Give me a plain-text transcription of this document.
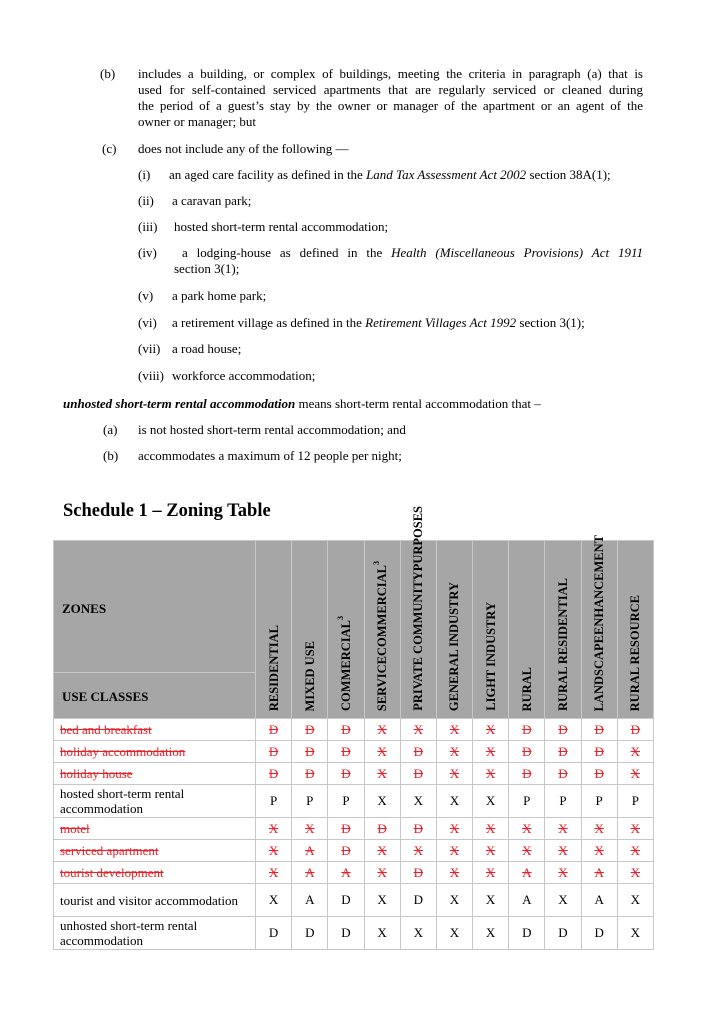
(b) includes a building, or complex of buildings, meeting the criteria in paragraph (a) that is
used for self-contained serviced apartments that are regularly serviced or cleaned during
the period of a guest’s stay by the owner or manager of the apartment or an agent of the
owner or manager; but
(c) does not include any of the following —
(i) an aged care facility as defined in the Land Tax Assessment Act 2002 section 38A(1);
(ii) a caravan park;
(iii) hosted short-term rental accommodation;
(iv)	a lodging-house as defined in the Health (Miscellaneous Provisions) Act 1911
section 3(1);
(v) a park home park;
(vi) a retirement village as defined in the Retirement Villages Act 1992 section 3(1);
(vii) a road house;
(viii) workforce accommodation;
unhosted short-term rental accommodation means short-term rental accommodation that –
(a) is not hosted short-term rental accommodation; and
(b) accommodates a maximum of 12 people per night;
Schedule 1 – Zoning Table
ZONES
USE CLASSES	RESIDENTIAL	MIXED USE	COMMERCIAL$^3$	SERVICECOMMERCIAL$^3$	PRIVATE COMMUNITYPURPOSES	GENERAL INDUSTRY	LIGHT INDUSTRY	RURAL	RURAL RESIDENTIAL	LANDSCAPEENHANCEMENT	RURAL RESOURCE

bed and breakfast	D	D	D	X	X	X	X	D	D	D	D
holiday accommodation	D	D	D	X	D	X	X	D	D	D	X
holiday house	D	D	D	X	D	X	X	D	D	D	X
hosted short-term rental accommodation	P	P	P	X	X	X	X	P	P	P	P
motel	X	X	D	D	D	X	X	X	X	X	X
serviced apartment	X	A	D	X	X	X	X	X	X	X	X
tourist development	X	A	A	X	D	X	X	A	X	A	X
tourist and visitor accommodation	X	A	D	X	D	X	X	A	X	A	X
unhosted short-term rental accommodation	D	D	D	X	X	X	X	D	D	D	X
